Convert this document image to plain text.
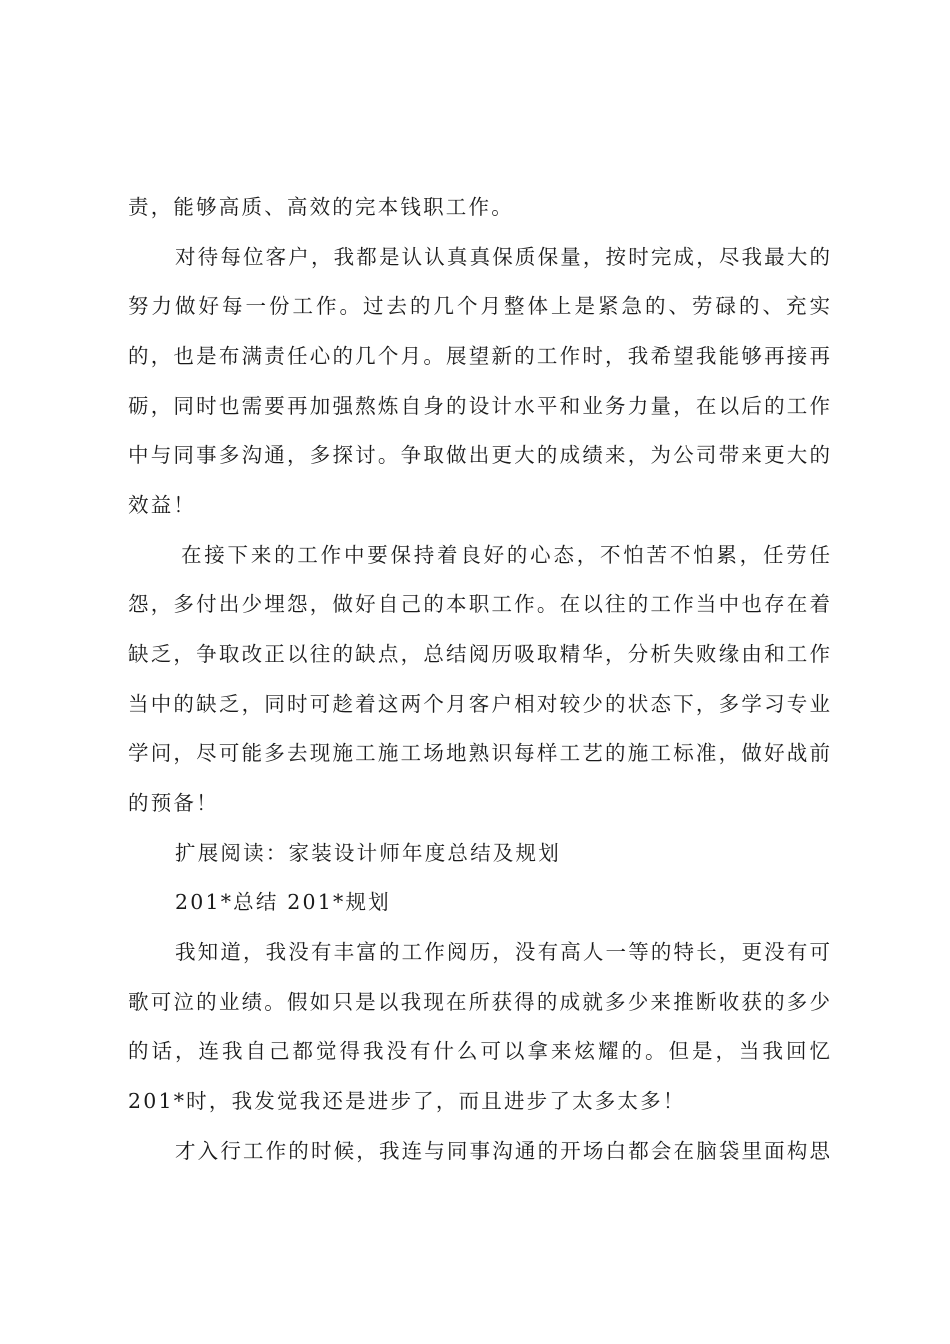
责，能够高质、高效的完本钱职工作。
对待每位客户，我都是认认真真保质保量，按时完成，尽我最大的
努力做好每一份工作。过去的几个月整体上是紧急的、劳碌的、充实
的，也是布满责任心的几个月。展望新的工作时，我希望我能够再接再
砺，同时也需要再加强熬炼自身的设计水平和业务力量，在以后的工作
中与同事多沟通，多探讨。争取做出更大的成绩来，为公司带来更大的
效益！
在接下来的工作中要保持着良好的心态，不怕苦不怕累，任劳任
怨，多付出少埋怨，做好自己的本职工作。在以往的工作当中也存在着
缺乏，争取改正以往的缺点，总结阅历吸取精华，分析失败缘由和工作
当中的缺乏，同时可趁着这两个月客户相对较少的状态下，多学习专业
学问，尽可能多去现施工施工场地熟识每样工艺的施工标准，做好战前
的预备！
扩展阅读：家装设计师年度总结及规划
201*总结 201*规划
我知道，我没有丰富的工作阅历，没有高人一等的特长，更没有可
歌可泣的业绩。假如只是以我现在所获得的成就多少来推断收获的多少
的话，连我自己都觉得我没有什么可以拿来炫耀的。但是，当我回忆
201*时，我发觉我还是进步了，而且进步了太多太多！
才入行工作的时候，我连与同事沟通的开场白都会在脑袋里面构思
